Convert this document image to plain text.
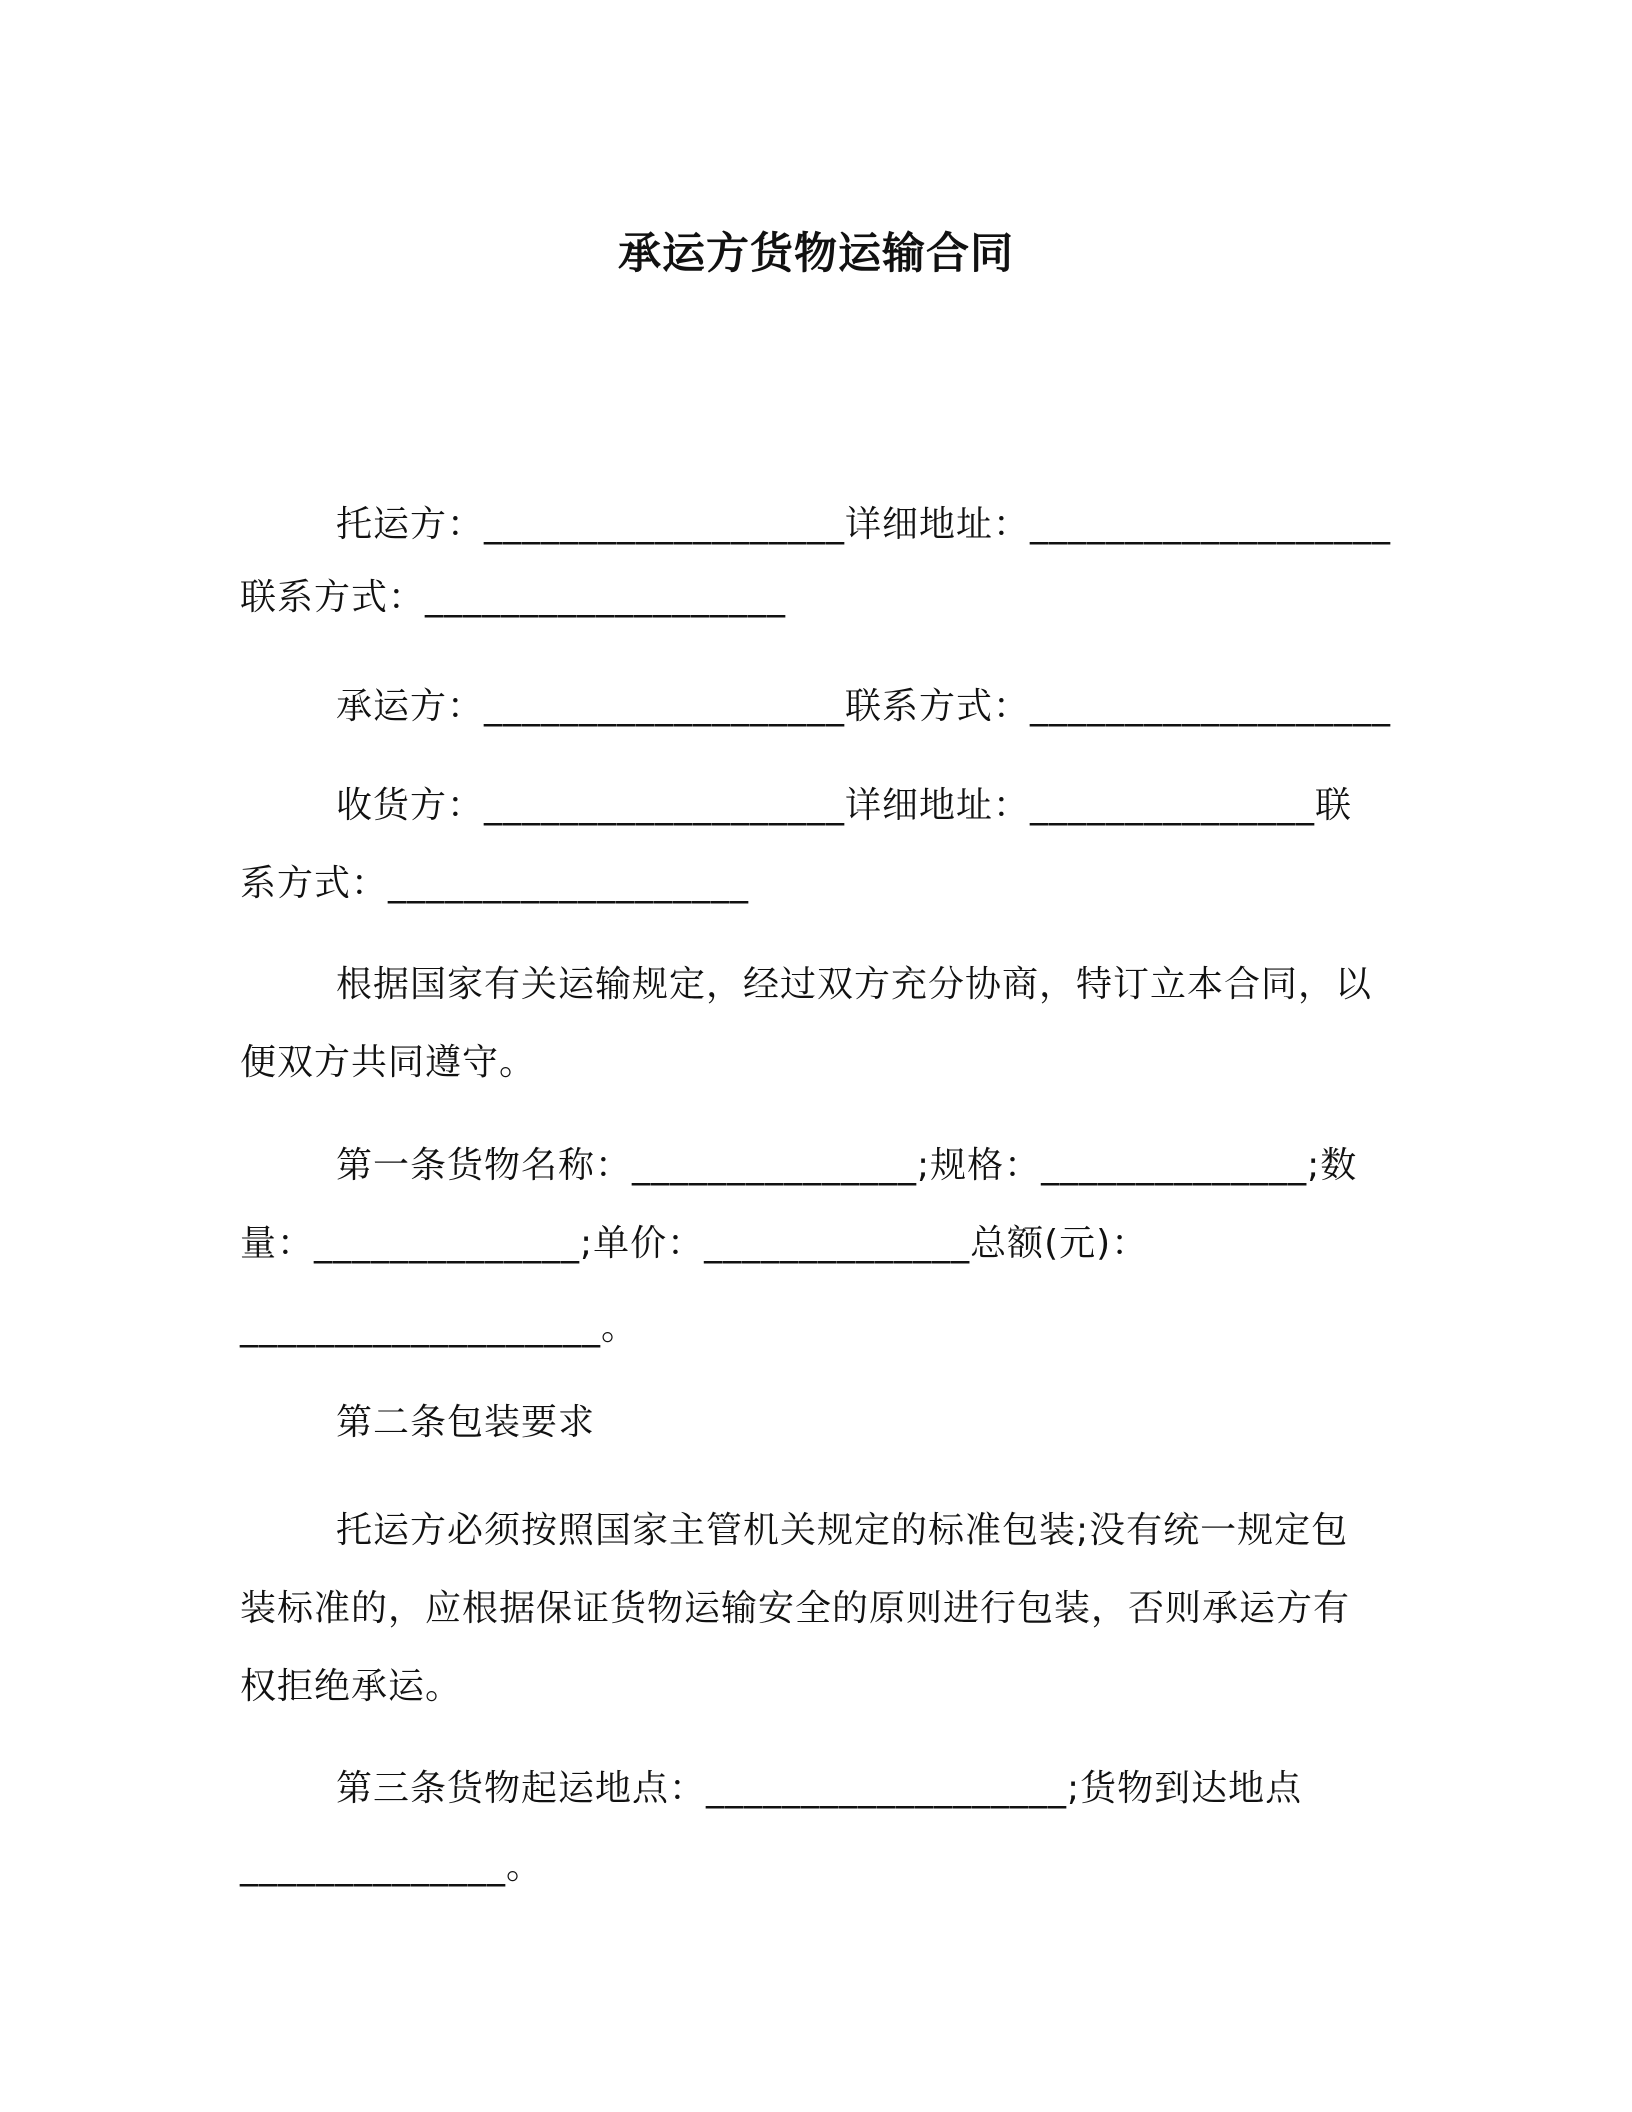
承运方货物运输合同
托运方：___________________详细地址：___________________
联系方式：___________________
承运方：___________________联系方式：___________________
收货方：___________________详细地址：_______________联
系方式：___________________
根据国家有关运输规定，经过双方充分协商，特订立本合同，以
便双方共同遵守。
第一条货物名称：_______________;规格：______________;数
量：______________;单价：______________总额(元)：
___________________。
第二条包装要求
托运方必须按照国家主管机关规定的标准包装;没有统一规定包
装标准的，应根据保证货物运输安全的原则进行包装，否则承运方有
权拒绝承运。
第三条货物起运地点：___________________;货物到达地点
______________。
